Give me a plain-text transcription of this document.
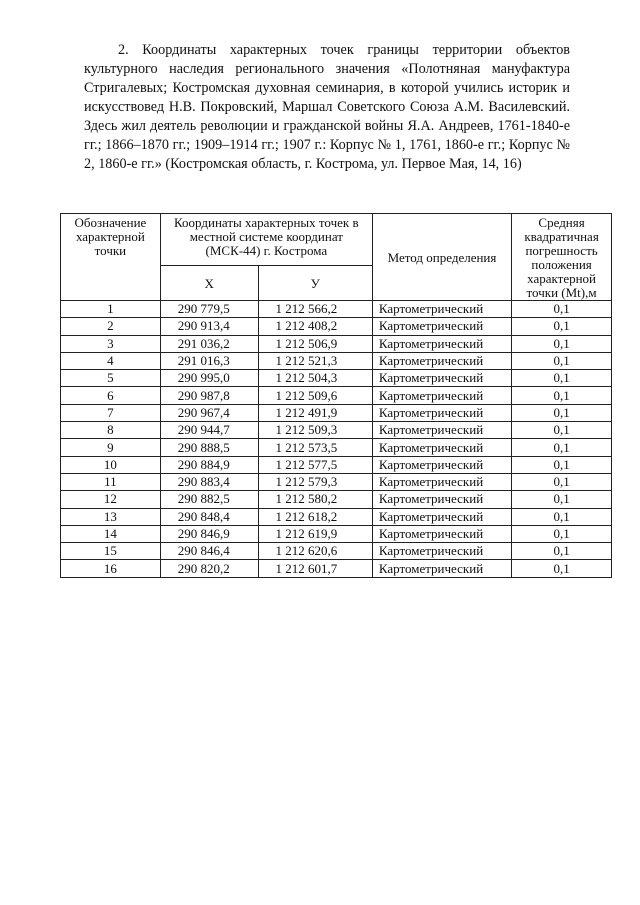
2. Координаты характерных точек границы территории объектов культурного наследия регионального значения «Полотняная мануфактура Стригалевых; Костромская духовная семинария, в которой учились историк и искусствовед Н.В. Покровский, Маршал Советского Союза А.М. Василевский. Здесь жил деятель революции и гражданской войны Я.А. Андреев, 1761-1840-е гг.; 1866–1870 гг.; 1909–1914 гг.; 1907 г.: Корпус № 1, 1761, 1860-е гг.; Корпус № 2, 1860-е гг.» (Костромская область, г. Кострома, ул. Первое Мая, 14, 16)

Обозначение характерной точки	Координаты характерных точек в местной системе координат (МСК-44) г. Кострома		Метод определения	Средняя квадратичная погрешность положения характерной точки (Mt),м
	X	У		
1	290 779,5	1 212 566,2	Картометрический	0,1
2	290 913,4	1 212 408,2	Картометрический	0,1
3	291 036,2	1 212 506,9	Картометрический	0,1
4	291 016,3	1 212 521,3	Картометрический	0,1
5	290 995,0	1 212 504,3	Картометрический	0,1
6	290 987,8	1 212 509,6	Картометрический	0,1
7	290 967,4	1 212 491,9	Картометрический	0,1
8	290 944,7	1 212 509,3	Картометрический	0,1
9	290 888,5	1 212 573,5	Картометрический	0,1
10	290 884,9	1 212 577,5	Картометрический	0,1
11	290 883,4	1 212 579,3	Картометрический	0,1
12	290 882,5	1 212 580,2	Картометрический	0,1
13	290 848,4	1 212 618,2	Картометрический	0,1
14	290 846,9	1 212 619,9	Картометрический	0,1
15	290 846,4	1 212 620,6	Картометрический	0,1
16	290 820,2	1 212 601,7	Картометрический	0,1
